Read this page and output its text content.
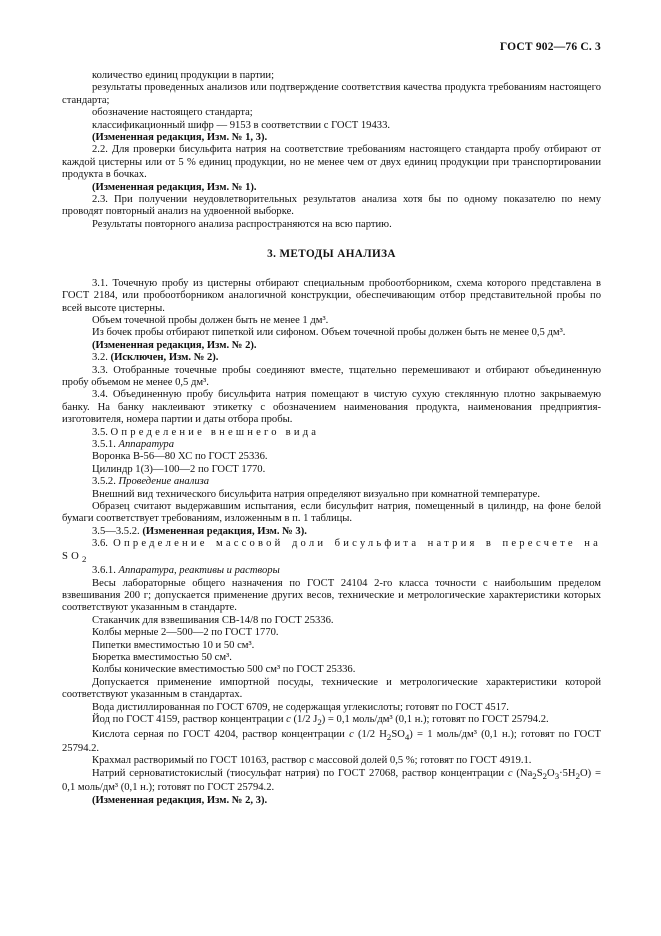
ГОСТ 902—76 С. 3

количество единиц продукции в партии;

результаты проведенных анализов или подтверждение соответствия качества продукта требованиям настоящего стандарта;

обозначение настоящего стандарта;

классификационный шифр — 9153 в соответствии с ГОСТ 19433.

(Измененная редакция, Изм. № 1, 3).

2.2. Для проверки бисульфита натрия на соответствие требованиям настоящего стандарта пробу отбирают от каждой цистерны или от 5 % единиц продукции, но не менее чем от двух единиц продукции при транспортировании продукта в бочках.

(Измененная редакция, Изм. № 1).

2.3. При получении неудовлетворительных результатов анализа хотя бы по одному показателю по нему проводят повторный анализ на удвоенной выборке.

Результаты повторного анализа распространяются на всю партию.

3. МЕТОДЫ АНАЛИЗА

3.1. Точечную пробу из цистерны отбирают специальным пробоотборником, схема которого представлена в ГОСТ 2184, или пробоотборником аналогичной конструкции, обеспечивающим отбор представительной пробы по всей высоте цистерны.

Объем точечной пробы должен быть не менее 1 дм³.

Из бочек пробы отбирают пипеткой или сифоном. Объем точечной пробы должен быть не менее 0,5 дм³.

(Измененная редакция, Изм. № 2).

3.2. (Исключен, Изм. № 2).

3.3. Отобранные точечные пробы соединяют вместе, тщательно перемешивают и отбирают объединенную пробу объемом не менее 0,5 дм³.

3.4. Объединенную пробу бисульфита натрия помещают в чистую сухую стеклянную плотно закрываемую банку. На банку наклеивают этикетку с обозначением наименования продукта, наименования предприятия-изготовителя, номера партии и даты отбора пробы.

3.5. Определение внешнего вида

3.5.1. Аппаратура

Воронка В-56—80 ХС по ГОСТ 25336.

Цилиндр 1(3)—100—2 по ГОСТ 1770.

3.5.2. Проведение анализа

Внешний вид технического бисульфита натрия определяют визуально при комнатной температуре.

Образец считают выдержавшим испытания, если бисульфит натрия, помещенный в цилиндр, на фоне белой бумаги соответствует требованиям, изложенным в п. 1 таблицы.

3.5—3.5.2. (Измененная редакция, Изм. № 3).

3.6. Определение массовой доли бисульфита натрия в пересчете на $SO_2$

3.6.1. Аппаратура, реактивы и растворы

Весы лабораторные общего назначения по ГОСТ 24104 2-го класса точности с наибольшим пределом взвешивания 200 г; допускается применение других весов, технические и метрологические характеристики которых соответствуют указанным в стандарте.

Стаканчик для взвешивания СВ-14/8 по ГОСТ 25336.

Колбы мерные 2—500—2 по ГОСТ 1770.

Пипетки вместимостью 10 и 50 см³.

Бюретка вместимостью 50 см³.

Колбы конические вместимостью 500 см³ по ГОСТ 25336.

Допускается применение импортной посуды, технические и метрологические характеристики которой соответствуют указанным в стандартах.

Вода дистиллированная по ГОСТ 6709, не содержащая углекислоты; готовят по ГОСТ 4517.

Йод по ГОСТ 4159, раствор концентрации c (1/2 $J_2) = 0,1$ моль/дм³ (0,1 н.); готовят по ГОСТ 25794.2.

Кислота серная по ГОСТ 4204, раствор концентрации c (1/2 $H_2SO_4) = 1$ моль/дм³ (0,1 н.); готовят по ГОСТ 25794.2.

Крахмал растворимый по ГОСТ 10163, раствор с массовой долей 0,5 %; готовят по ГОСТ 4919.1.

Натрий серноватистокислый (тиосульфат натрия) по ГОСТ 27068, раствор концентрации c $(Na_2S_2O_3\cdot 5H_2O) = 0,1$ моль/дм³ (0,1 н.); готовят по ГОСТ 25794.2.

(Измененная редакция, Изм. № 2, 3).
